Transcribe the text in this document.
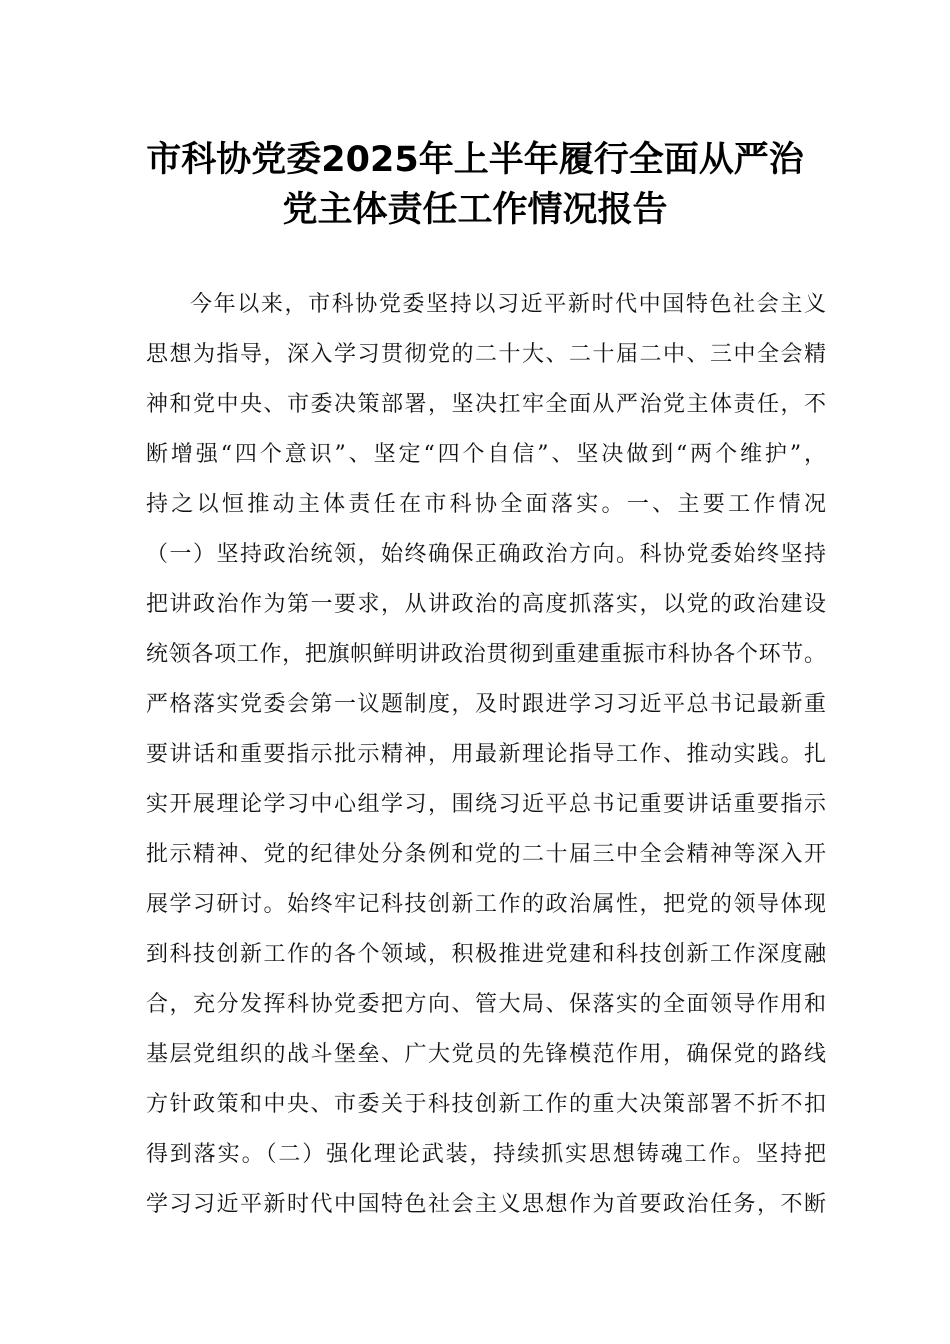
市科协党委2025年上半年履行全面从严治
党主体责任工作情况报告
今年以来，市科协党委坚持以习近平新时代中国特色社会主义
思想为指导，深入学习贯彻党的二十大、二十届二中、三中全会精
神和党中央、市委决策部署，坚决扛牢全面从严治党主体责任，不
断增强“四个意识”、坚定“四个自信”、坚决做到“两个维护”，
持之以恒推动主体责任在市科协全面落实。一、主要工作情况
（一）坚持政治统领，始终确保正确政治方向。科协党委始终坚持
把讲政治作为第一要求，从讲政治的高度抓落实，以党的政治建设
统领各项工作，把旗帜鲜明讲政治贯彻到重建重振市科协各个环节。
严格落实党委会第一议题制度，及时跟进学习习近平总书记最新重
要讲话和重要指示批示精神，用最新理论指导工作、推动实践。扎
实开展理论学习中心组学习，围绕习近平总书记重要讲话重要指示
批示精神、党的纪律处分条例和党的二十届三中全会精神等深入开
展学习研讨。始终牢记科技创新工作的政治属性，把党的领导体现
到科技创新工作的各个领域，积极推进党建和科技创新工作深度融
合，充分发挥科协党委把方向、管大局、保落实的全面领导作用和
基层党组织的战斗堡垒、广大党员的先锋模范作用，确保党的路线
方针政策和中央、市委关于科技创新工作的重大决策部署不折不扣
得到落实。（二）强化理论武装，持续抓实思想铸魂工作。坚持把
学习习近平新时代中国特色社会主义思想作为首要政治任务，不断
